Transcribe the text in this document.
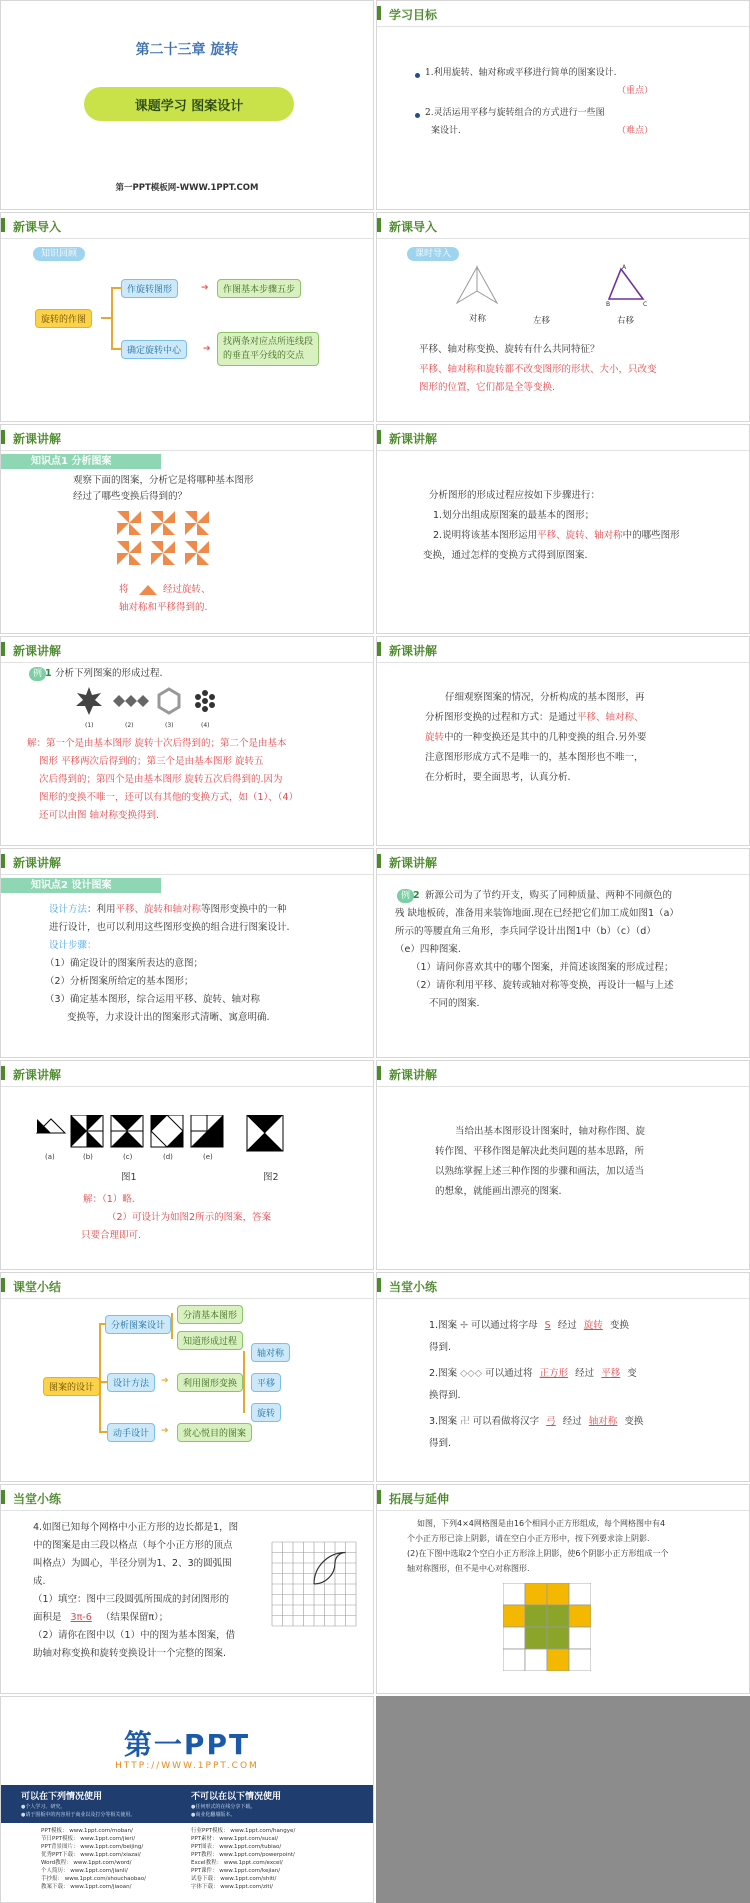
第二十三章 旋转
课题学习 图案设计
第一PPT模板网-WWW.1PPT.COM
学习目标
1.利用旋转、轴对称或平移进行简单的图案设计.
（重点）
2.灵活运用平移与旋转组合的方式进行一些图
案设计.	（难点）
新课导入
知识回顾
旋转的作图
作旋转图形	➔	作图基本步骤五步
确定旋转中心	➔
找两条对应点所连线段
的垂直平分线的交点
新课导入
课时导入
对称	左移
A
B	C
右移
平移、轴对称变换、旋转有什么共同特征？
平移、轴对称和旋转都不改变图形的形状、大小，只改变
图形的位置，它们都是全等变换.
新课讲解
知识点1 分析图案
观察下面的图案，分析它是将哪种基本图形
经过了哪些变换后得到的？
将	经过旋转、
轴对称和平移得到的.
新课讲解
分析图形的形成过程应按如下步骤进行：
1.划分出组成原图案的最基本的图形；
2.说明将该基本图形运用平移、旋转、轴对称中的哪些图形
变换，通过怎样的变换方式得到原图案.
新课讲解
例 1 分析下列图案的形成过程.
(1)	(2)	(3)	(4)
解：第一个是由基本图形 旋转十次后得到的；第二个是由基本
图形 平移两次后得到的；第三个是由基本图形 旋转五
次后得到的；第四个是由基本图形 旋转五次后得到的.因为
图形的变换不唯一，还可以有其他的变换方式，如（1）、（4）
还可以由图 轴对称变换得到.
新课讲解
仔细观察图案的情况，分析构成的基本图形，再
分析图形变换的过程和方式：是通过平移、轴对称、
旋转中的一种变换还是其中的几种变换的组合.另外要
注意图形形成方式不是唯一的，基本图形也不唯一，
在分析时，要全面思考，认真分析.
新课讲解
知识点2 设计图案
设计方法：利用平移、旋转和轴对称等图形变换中的一种
进行设计，也可以利用这些图形变换的组合进行图案设计.
设计步骤：
（1）确定设计的图案所表达的意图；
（2）分析图案所给定的基本图形；
（3）确定基本图形，综合运用平移、旋转、轴对称
变换等，力求设计出的图案形式清晰、寓意明确.
新课讲解
例 2 新源公司为了节约开支，购买了同种质量、两种不同颜色的
残 缺地板砖，准备用来装饰地面.现在已经把它们加工成如图1（a）
所示的等腰直角三角形，李兵同学设计出图1中（b）（c）（d）
（e）四种图案.
（1）请问你喜欢其中的哪个图案，并简述该图案的形成过程；
（2）请你利用平移、旋转或轴对称等变换，再设计一幅与上述
不同的图案.
新课讲解
(a)	(b)	(c)	(d)	(e)
图1	图2
解：（1）略.
（2）可设计为如图2所示的图案，答案
只要合理即可.
新课讲解
当给出基本图形设计图案时，轴对称作图、旋
转作图、平移作图是解决此类问题的基本思路，所
以熟练掌握上述三种作图的步骤和画法，加以适当
的想象，就能画出漂亮的图案.
课堂小结
图案的设计
分析图案设计
分清基本图形
知道形成过程
设计方法	➔	利用图形变换
轴对称
平移
旋转
动手设计	➔	赏心悦目的图案
当堂小练
1.图案 ✢ 可以通过将字母 S 经过 旋转 变换
得到.
2.图案 ◇◇◇ 可以通过将 正方形 经过 平移 变
换得到.
3.图案 卍 可以看做将汉字 弓 经过 轴对称 变换
得到.
当堂小练
4.如图已知每个网格中小正方形的边长都是1，图
中的图案是由三段以格点（每个小正方形的顶点
叫格点）为圆心，半径分别为1、2、3的圆弧围
成.
（1）填空：图中三段圆弧所围成的封闭图形的
面积是 3π-6 （结果保留π）；
（2）请你在图中以（1）中的图为基本图案，借
助轴对称变换和旋转变换设计一个完整的图案.
拓展与延伸
如图，下列4×4网格图是由16个相同小正方形组成，每个网格图中有4
个小正方形已涂上阴影，请在空白小正方形中，按下列要求涂上阴影.
(2)在下图中选取2个空白小正方形涂上阴影，使6个阴影小正方形组成一个
轴对称图形，但不是中心对称图形.
第一PPT
HTTP://WWW.1PPT.COM
可以在下列情况使用
●个人学习、研究。
●请于围板中的内容用于商业以及打分等相关使用。
不可以在以下情况使用
●任何形式的在线分享下载。
●商业化翻墙版本。
PPT模板： www.1ppt.com/moban/
节日PPT模板： www.1ppt.com/jieri/
PPT背景图片： www.1ppt.com/beijing/
优秀PPT下载： www.1ppt.com/xiazai/
Word教程： www.1ppt.com/word/
个人简历： www.1ppt.com/jianli/
手抄报： www.1ppt.com/shouchaobao/
教案下载： www.1ppt.com/jiaoan/
行业PPT模板： www.1ppt.com/hangye/
PPT素材： www.1ppt.com/sucai/
PPT图表： www.1ppt.com/tubiao/
PPT教程： www.1ppt.com/powerpoint/
Excel教程： www.1ppt.com/excel/
PPT课件： www.1ppt.com/kejian/
试卷下载： www.1ppt.com/shiti/
字体下载： www.1ppt.com/ziti/
